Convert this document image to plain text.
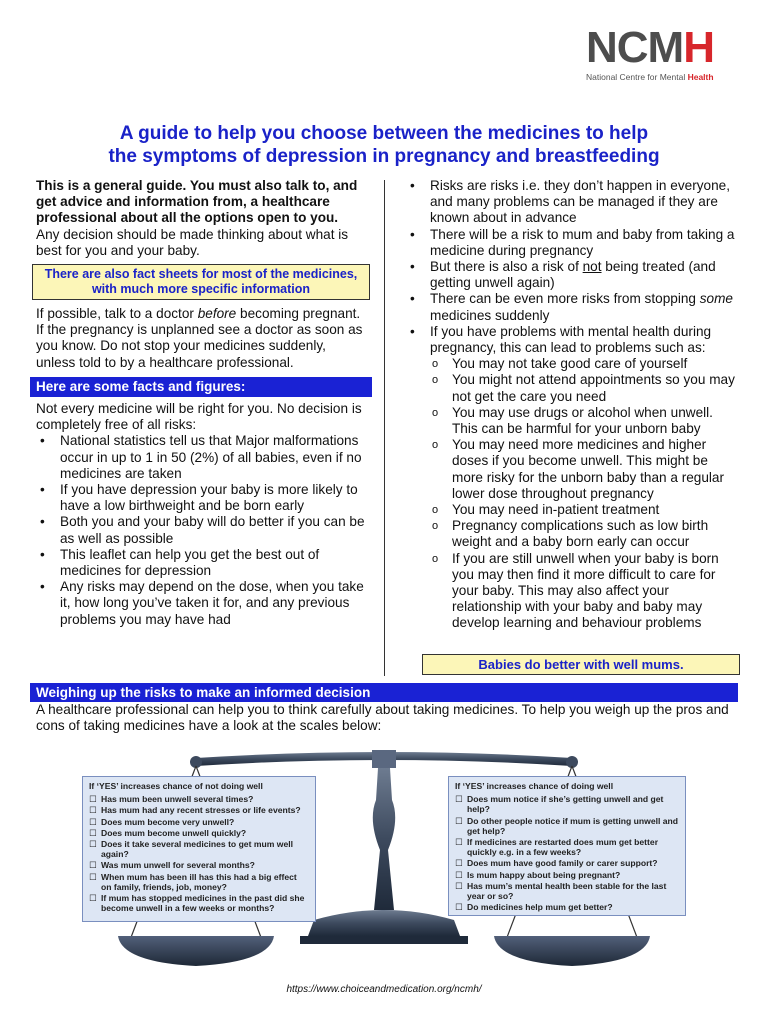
NCMH
National Centre for Mental Health
A guide to help you choose between the medicines to help
the symptoms of depression in pregnancy and breastfeeding

This is a general guide. You must also talk to, and get advice and information from, a healthcare professional about all the options open to you.

Any decision should be made thinking about what is best for you and your baby.

There are also fact sheets for most of the medicines, with much more specific information

If possible, talk to a doctor before becoming pregnant. If the pregnancy is unplanned see a doctor as soon as you know. Do not stop your medicines suddenly, unless told to by a healthcare professional.

Here are some facts and figures:

Not every medicine will be right for you. No decision is completely free of all risks:

• National statistics tell us that Major malformations occur in up to 1 in 50 (2%) of all babies, even if no medicines are taken
• If you have depression your baby is more likely to have a low birthweight and be born early
• Both you and your baby will do better if you can be as well as possible
• This leaflet can help you get the best out of medicines for depression
• Any risks may depend on the dose, when you take it, how long you’ve taken it for, and any previous problems you may have had
• Risks are risks i.e. they don’t happen in everyone, and many problems can be managed if they are known about in advance
• There will be a risk to mum and baby from taking a medicine during pregnancy
• But there is also a risk of not being treated (and getting unwell again)
• There can be even more risks from stopping some medicines suddenly
• If you have problems with mental health during pregnancy, this can lead to problems such as:
o You may not take good care of yourself
o You might not attend appointments so you may not get the care you need
o You may use drugs or alcohol when unwell. This can be harmful for your unborn baby
o You may need more medicines and higher doses if you become unwell. This might be more risky for the unborn baby than a regular lower dose throughout pregnancy
o You may need in-patient treatment
o Pregnancy complications such as low birth weight and a baby born early can occur
o If you are still unwell when your baby is born you may then find it more difficult to care for your baby. This may also affect your relationship with your baby and baby may develop learning and behaviour problems
Babies do better with well mums.
Weighing up the risks to make an informed decision
A healthcare professional can help you to think carefully about taking medicines. To help you weigh up the pros and cons of taking medicines have a look at the scales below:
If ‘YES’ increases chance of not doing well
☐ Has mum been unwell several times?
☐ Has mum had any recent stresses or life events?
☐ Does mum become very unwell?
☐ Does mum become unwell quickly?
☐ Does it take several medicines to get mum well again?
☐ Was mum unwell for several months?
☐ When mum has been ill has this had a big effect on family, friends, job, money?
☐ If mum has stopped medicines in the past did she become unwell in a few weeks or months?
If ‘YES’ increases chance of doing well
☐ Does mum notice if she’s getting unwell and get help?
☐ Do other people notice if mum is getting unwell and get help?
☐ If medicines are restarted does mum get better quickly e.g. in a few weeks?
☐ Does mum have good family or carer support?
☐ Is mum happy about being pregnant?
☐ Has mum’s mental health been stable for the last year or so?
☐ Do medicines help mum get better?
https://www.choiceandmedication.org/ncmh/
